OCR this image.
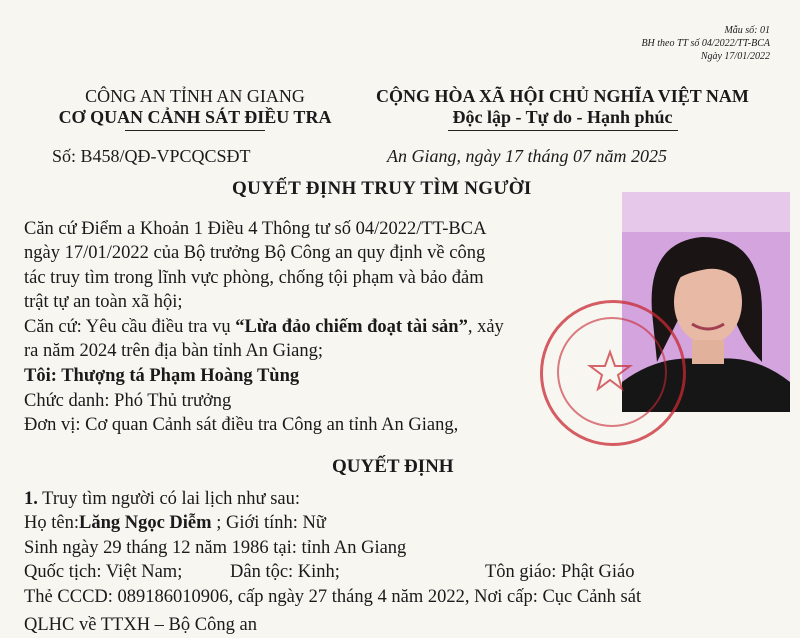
Mẫu số: 01
BH theo TT số 04/2022/TT-BCA
Ngày 17/01/2022
CÔNG AN TỈNH AN GIANG
CƠ QUAN CẢNH SÁT ĐIỀU TRA
CỘNG HÒA XÃ HỘI CHỦ NGHĨA VIỆT NAM
Độc lập - Tự do - Hạnh phúc
Số: B458/QĐ-VPCQCSĐT	An Giang, ngày 17 tháng 07 năm 2025
QUYẾT ĐỊNH TRUY TÌM NGƯỜI
Căn cứ Điểm a Khoản 1 Điều 4 Thông tư số 04/2022/TT-BCA
ngày 17/01/2022 của Bộ trưởng Bộ Công an quy định về công
tác truy tìm trong lĩnh vực phòng, chống tội phạm và bảo đảm
trật tự an toàn xã hội;
Căn cứ: Yêu cầu điều tra vụ “Lừa đảo chiếm đoạt tài sản”, xảy
ra năm 2024 trên địa bàn tỉnh An Giang;
Tôi: Thượng tá Phạm Hoàng Tùng
Chức danh: Phó Thủ trưởng
Đơn vị: Cơ quan Cảnh sát điều tra Công an tỉnh An Giang,
QUYẾT ĐỊNH
1. Truy tìm người có lai lịch như sau:
Họ tên:Lăng Ngọc Diễm ; Giới tính: Nữ
Sinh ngày 29 tháng 12 năm 1986 tại: tỉnh An Giang
Quốc tịch: Việt Nam;	Dân tộc: Kinh;	Tôn giáo: Phật Giáo
Thẻ CCCD: 089186010906, cấp ngày 27 tháng 4 năm 2022, Nơi cấp: Cục Cảnh sát
QLHC về TTXH – Bộ Công an
